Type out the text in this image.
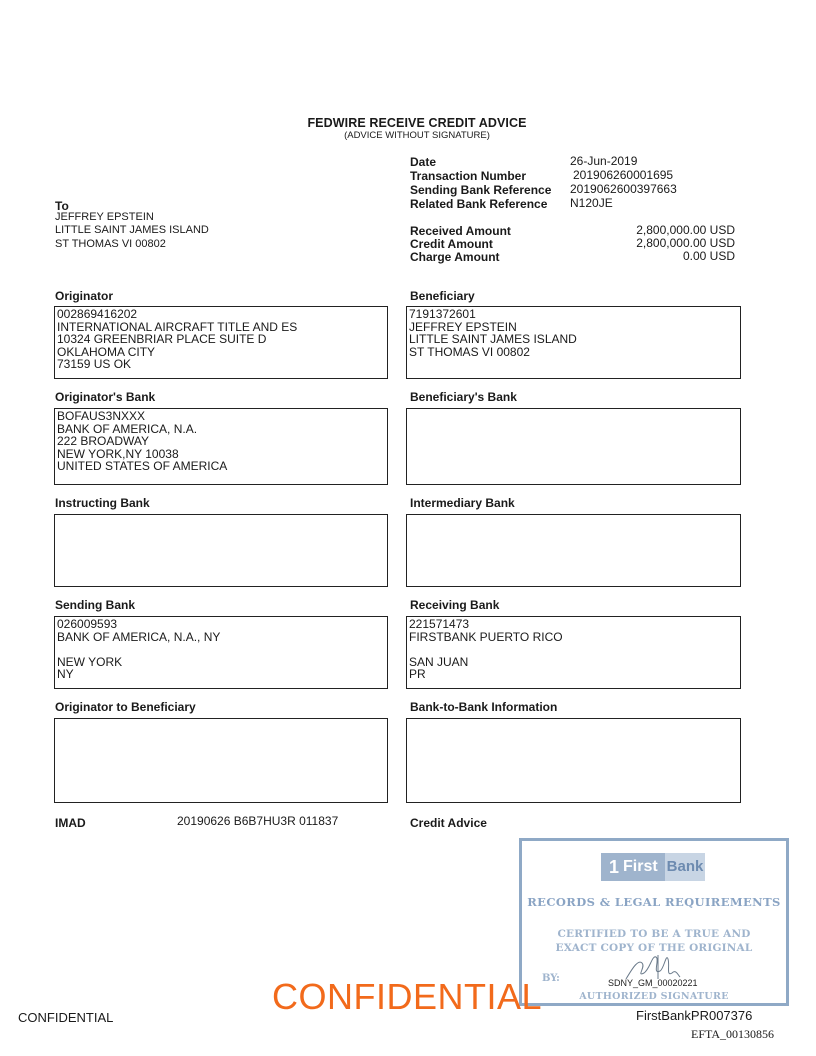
FEDWIRE RECEIVE CREDIT ADVICE
(ADVICE WITHOUT SIGNATURE)
Date	26-Jun-2019
Transaction Number	201906260001695
Sending Bank Reference 2019062600397663
Related Bank Reference N120JE
To
JEFFREY EPSTEIN
LITTLE SAINT JAMES ISLAND
ST THOMAS VI 00802
Received Amount	2,800,000.00 USD
Credit Amount	2,800,000.00 USD
Charge Amount	0.00 USD
Originator
002869416202
INTERNATIONAL AIRCRAFT TITLE AND ES
10324 GREENBRIAR PLACE SUITE D
OKLAHOMA CITY
73159 US OK
Beneficiary
7191372601
JEFFREY EPSTEIN
LITTLE SAINT JAMES ISLAND
ST THOMAS VI 00802
Originator's Bank
BOFAUS3NXXX
BANK OF AMERICA, N.A.
222 BROADWAY
NEW YORK,NY 10038
UNITED STATES OF AMERICA
Beneficiary's Bank
Instructing Bank	Intermediary Bank
Sending Bank
026009593
BANK OF AMERICA, N.A., NY
NEW YORK
NY
Receiving Bank
221571473
FIRSTBANK PUERTO RICO
SAN JUAN
PR
Originator to Beneficiary	Bank-to-Bank Information
IMAD	20190626 B6B7HU3R 011837	Credit Advice
1 First Bank
RECORDS & LEGAL REQUIREMENTS
CERTIFIED TO BE A TRUE AND
EXACT COPY OF THE ORIGINAL
BY:	SDNY_GM_00020221
AUTHORIZED SIGNATURE
CONFIDENTIAL
CONFIDENTIAL	FirstBankPR007376
EFTA_00130856
